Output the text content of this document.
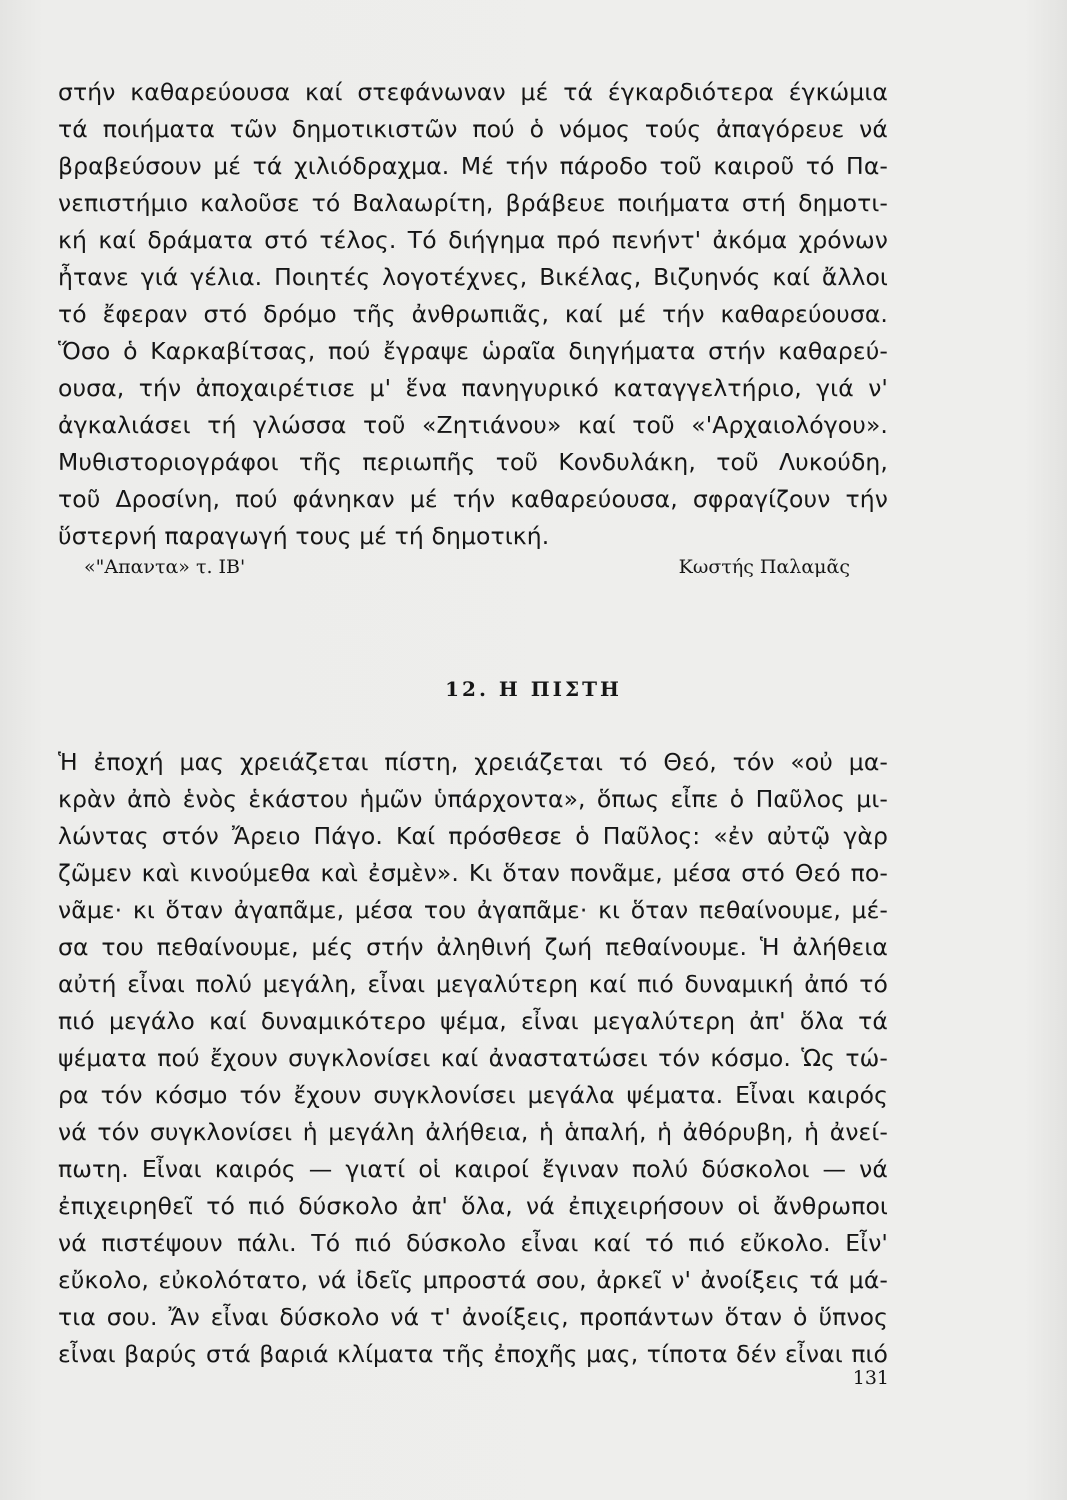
στήν καθαρεύουσα καί στεφάνωναν μέ τά έγκαρδιότερα έγκώμια
τά ποιήματα τῶν δημοτικιστῶν πού ὁ νόμος τούς ἀπαγόρευε νά
βραβεύσουν μέ τά χιλιόδραχμα. Μέ τήν πάροδο τοῦ καιροῦ τό Πα-
νεπιστήμιο καλοῦσε τό Βαλαωρίτη, βράβευε ποιήματα στή δημοτι-
κή καί δράματα στό τέλος. Τό διήγημα πρό πενήντ' ἀκόμα χρόνων
ἦτανε γιά γέλια. Ποιητές λογοτέχνες, Βικέλας, Βιζυηνός καί ἄλλοι
τό ἔφεραν στό δρόμο τῆς ἀνθρωπιᾶς, καί μέ τήν καθαρεύουσα.
Ὅσο ὁ Καρκαβίτσας, πού ἔγραψε ὡραῖα διηγήματα στήν καθαρεύ-
ουσα, τήν ἀποχαιρέτισε μ' ἕνα πανηγυρικό καταγγελτήριο, γιά ν'
ἀγκαλιάσει τή γλώσσα τοῦ «Ζητιάνου» καί τοῦ «'Αρχαιολόγου».
Μυθιστοριογράφοι τῆς περιωπῆς τοῦ Κονδυλάκη, τοῦ Λυκούδη,
τοῦ Δροσίνη, πού φάνηκαν μέ τήν καθαρεύουσα, σφραγίζουν τήν
ὕστερνή παραγωγή τους μέ τή δημοτική.
«"Απαντα» τ. ΙΒ'	Κωστής Παλαμᾶς
12. Η ΠΙΣΤΗ
Ἡ ἐποχή μας χρειάζεται πίστη, χρειάζεται τό Θεό, τόν «οὐ μα-
κρὰν ἀπὸ ἑνὸς ἑκάστου ἡμῶν ὑπάρχοντα», ὅπως εἶπε ὁ Παῦλος μι-
λώντας στόν Ἄρειο Πάγο. Καί πρόσθεσε ὁ Παῦλος: «ἐν αὐτῷ γὰρ
ζῶμεν καὶ κινούμεθα καὶ ἐσμὲν». Κι ὅταν πονᾶμε, μέσα στό Θεό πο-
νᾶμε· κι ὅταν ἀγαπᾶμε, μέσα του ἀγαπᾶμε· κι ὅταν πεθαίνουμε, μέ-
σα του πεθαίνουμε, μές στήν ἀληθινή ζωή πεθαίνουμε. Ἡ ἀλήθεια
αὐτή εἶναι πολύ μεγάλη, εἶναι μεγαλύτερη καί πιό δυναμική ἀπό τό
πιό μεγάλο καί δυναμικότερο ψέμα, εἶναι μεγαλύτερη ἀπ' ὅλα τά
ψέματα πού ἔχουν συγκλονίσει καί ἀναστατώσει τόν κόσμο. Ὡς τώ-
ρα τόν κόσμο τόν ἔχουν συγκλονίσει μεγάλα ψέματα. Εἶναι καιρός
νά τόν συγκλονίσει ἡ μεγάλη ἀλήθεια, ἡ ἁπαλή, ἡ ἀθόρυβη, ἡ ἀνεί-
πωτη. Εἶναι καιρός — γιατί οἱ καιροί ἔγιναν πολύ δύσκολοι — νά
ἐπιχειρηθεῖ τό πιό δύσκολο ἀπ' ὅλα, νά ἐπιχειρήσουν οἱ ἄνθρωποι
νά πιστέψουν πάλι. Τό πιό δύσκολο εἶναι καί τό πιό εὔκολο. Εἶν'
εὔκολο, εὐκολότατο, νά ἰδεῖς μπροστά σου, ἀρκεῖ ν' ἀνοίξεις τά μά-
τια σου. Ἄν εἶναι δύσκολο νά τ' ἀνοίξεις, προπάντων ὅταν ὁ ὕπνος
εἶναι βαρύς στά βαριά κλίματα τῆς ἐποχῆς μας, τίποτα δέν εἶναι πιό
131
